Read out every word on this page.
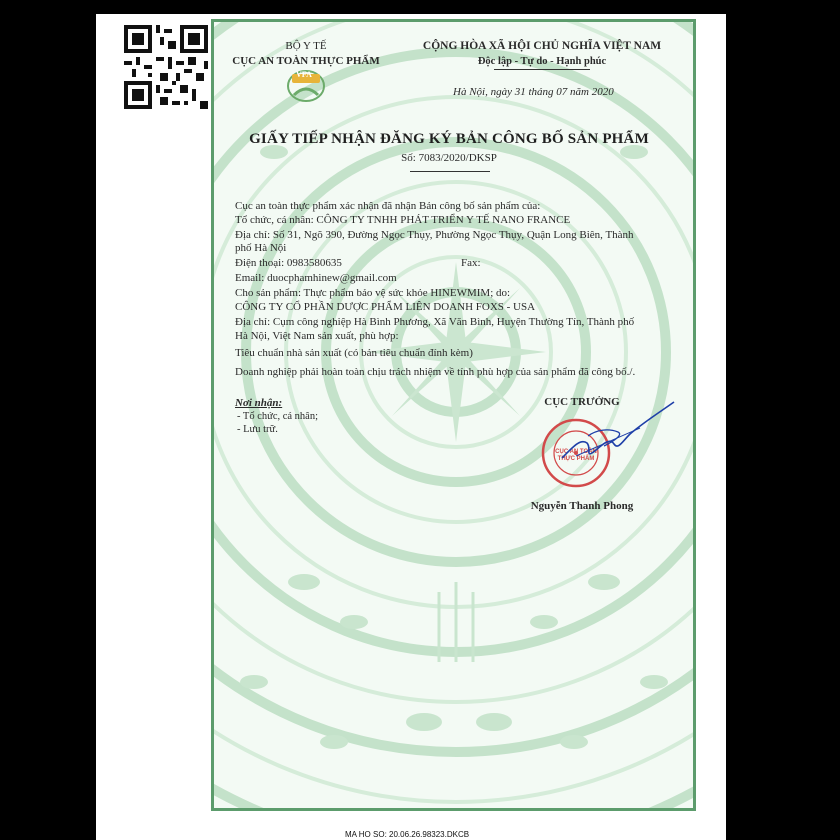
BỘ Y TẾ
CỤC AN TOÀN THỰC PHẨM
VFA
CỘNG HÒA XÃ HỘI CHỦ NGHĨA VIỆT NAM
Độc lập - Tự do - Hạnh phúc
Hà Nội, ngày 31 tháng 07 năm 2020
GIẤY TIẾP NHẬN ĐĂNG KÝ BẢN CÔNG BỐ SẢN PHẨM
Số: 7083/2020/DKSP
Cục an toàn thực phẩm xác nhận đã nhận Bản công bố sản phẩm của:
Tổ chức, cá nhân: CÔNG TY TNHH PHÁT TRIỂN Y TẾ NANO FRANCE
Địa chỉ: Số 31, Ngõ 390, Đường Ngọc Thụy, Phường Ngọc Thụy, Quận Long Biên, Thành
phố Hà Nội
Điện thoại: 0983580635	Fax:
Email: duocphamhinew@gmail.com
Cho sản phẩm: Thực phẩm bảo vệ sức khỏe HINEWMIM; do:
CÔNG TY CỔ PHẦN DƯỢC PHẨM LIÊN DOANH FOXS - USA
Địa chỉ: Cụm công nghiệp Hà Bình Phương, Xã Văn Bình, Huyện Thường Tín, Thành phố
Hà Nội, Việt Nam sản xuất, phù hợp:
Tiêu chuẩn nhà sản xuất (có bản tiêu chuẩn đính kèm)
Doanh nghiệp phải hoàn toàn chịu trách nhiệm về tính phù hợp của sản phẩm đã công bố./.
Nơi nhận:
- Tổ chức, cá nhân;
- Lưu trữ.
CỤC TRƯỞNG
CỤC AN TOÀN THỰC PHẨM
Nguyễn Thanh Phong
MA HO SO: 20.06.26.98323.DKCB
